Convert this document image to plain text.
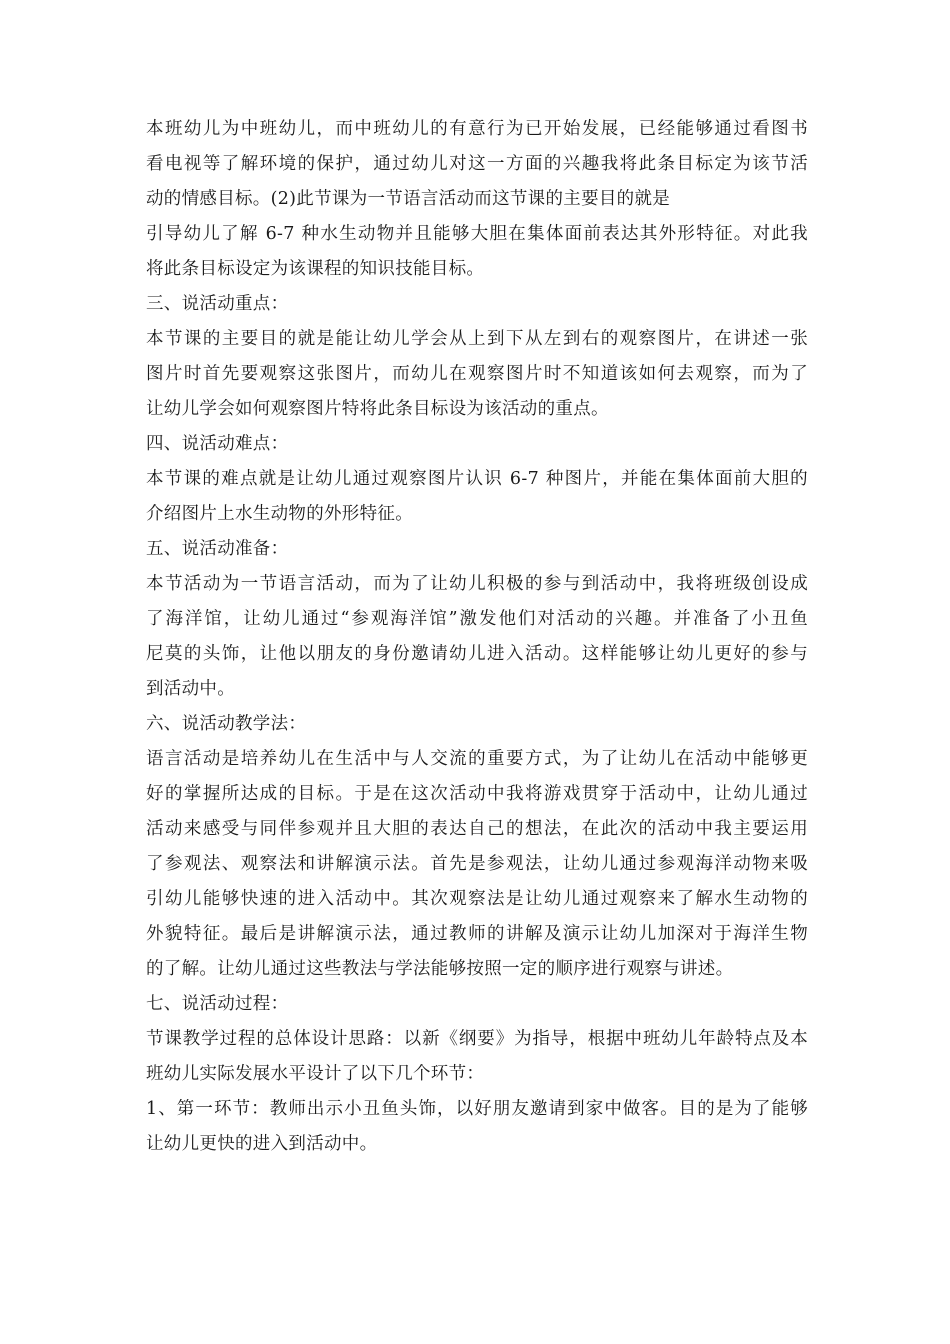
本班幼儿为中班幼儿，而中班幼儿的有意行为已开始发展，已经能够通过看图书
看电视等了解环境的保护，通过幼儿对这一方面的兴趣我将此条目标定为该节活
动的情感目标。(2)此节课为一节语言活动而这节课的主要目的就是
引导幼儿了解 6-7 种水生动物并且能够大胆在集体面前表达其外形特征。对此我
将此条目标设定为该课程的知识技能目标。
三、说活动重点：
本节课的主要目的就是能让幼儿学会从上到下从左到右的观察图片，在讲述一张
图片时首先要观察这张图片，而幼儿在观察图片时不知道该如何去观察，而为了
让幼儿学会如何观察图片特将此条目标设为该活动的重点。
四、说活动难点：
本节课的难点就是让幼儿通过观察图片认识 6-7 种图片，并能在集体面前大胆的
介绍图片上水生动物的外形特征。
五、说活动准备：
本节活动为一节语言活动，而为了让幼儿积极的参与到活动中，我将班级创设成
了海洋馆，让幼儿通过“参观海洋馆”激发他们对活动的兴趣。并准备了小丑鱼
尼莫的头饰，让他以朋友的身份邀请幼儿进入活动。这样能够让幼儿更好的参与
到活动中。
六、说活动教学法：
语言活动是培养幼儿在生活中与人交流的重要方式，为了让幼儿在活动中能够更
好的掌握所达成的目标。于是在这次活动中我将游戏贯穿于活动中，让幼儿通过
活动来感受与同伴参观并且大胆的表达自己的想法，在此次的活动中我主要运用
了参观法、观察法和讲解演示法。首先是参观法，让幼儿通过参观海洋动物来吸
引幼儿能够快速的进入活动中。其次观察法是让幼儿通过观察来了解水生动物的
外貌特征。最后是讲解演示法，通过教师的讲解及演示让幼儿加深对于海洋生物
的了解。让幼儿通过这些教法与学法能够按照一定的顺序进行观察与讲述。
七、说活动过程：
节课教学过程的总体设计思路：以新《纲要》为指导，根据中班幼儿年龄特点及本
班幼儿实际发展水平设计了以下几个环节：
1、第一环节：教师出示小丑鱼头饰，以好朋友邀请到家中做客。目的是为了能够
让幼儿更快的进入到活动中。
